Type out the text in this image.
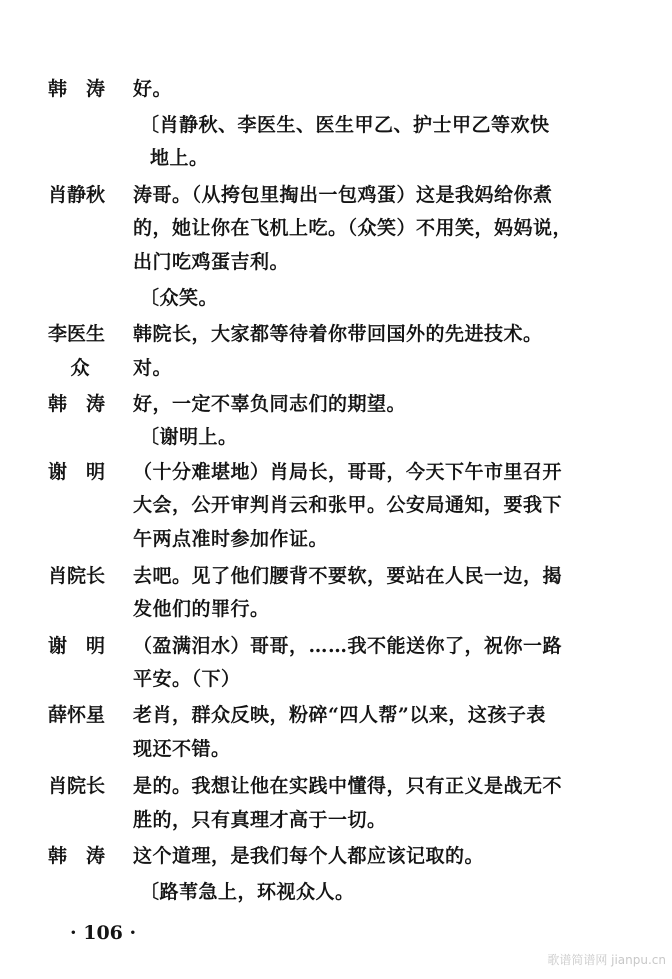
韩　涛	好。
〔肖静秋、李医生、医生甲乙、护士甲乙等欢快
地上。
肖静秋	涛哥。（从挎包里掏出一包鸡蛋）这是我妈给你煮
的，她让你在飞机上吃。（众笑）不用笑，妈妈说，
出门吃鸡蛋吉利。
〔众笑。
李医生	韩院长，大家都等待着你带回国外的先进技术。
众	对。
韩　涛	好，一定不辜负同志们的期望。
〔谢明上。
谢　明	（十分难堪地）肖局长，哥哥，今天下午市里召开
大会，公开审判肖云和张甲。公安局通知，要我下
午两点准时参加作证。
肖院长	去吧。见了他们腰背不要软，要站在人民一边，揭
发他们的罪行。
谢　明	（盈满泪水）哥哥，……我不能送你了，祝你一路
平安。（下）
薛怀星	老肖，群众反映，粉碎“四人帮”以来，这孩子表
现还不错。
肖院长	是的。我想让他在实践中懂得，只有正义是战无不
胜的，只有真理才高于一切。
韩　涛	这个道理，是我们每个人都应该记取的。
〔路苇急上，环视众人。
· 106 ·
歌谱简谱网 jianpu.cn
